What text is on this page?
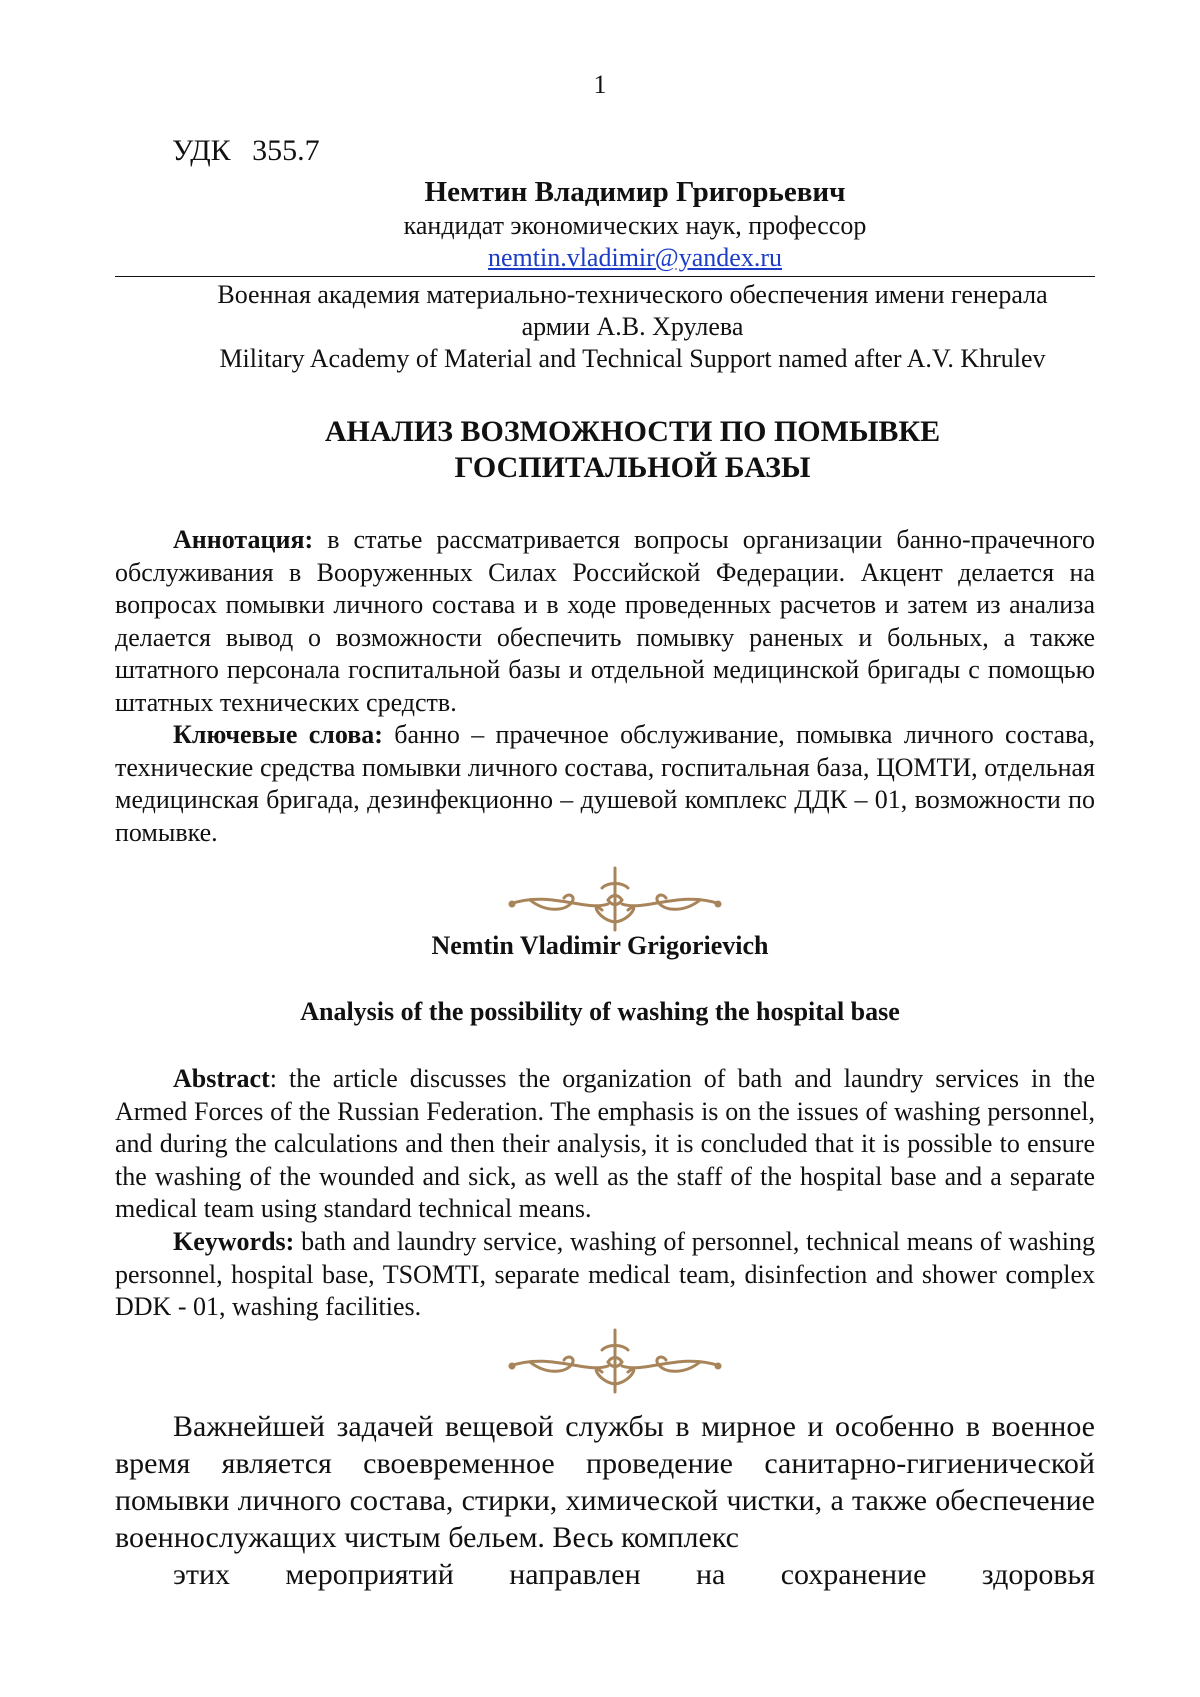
1
УДК 355.7
Немтин Владимир Григорьевич
кандидат экономических наук, профессор
nemtin.vladimir@yandex.ru
Военная академия материально-технического обеспечения имени генерала
армии А.В. Хрулева
Military Academy of Material and Technical Support named after A.V. Khrulev
АНАЛИЗ ВОЗМОЖНОСТИ ПО ПОМЫВКЕ
ГОСПИТАЛЬНОЙ БАЗЫ
Аннотация: в статье рассматривается вопросы организации банно-прачечного обслуживания в Вооруженных Силах Российской Федерации. Акцент делается на вопросах помывки личного состава и в ходе проведенных расчетов и затем из анализа делается вывод о возможности обеспечить помывку раненых и больных, а также штатного персонала госпитальной базы и отдельной медицинской бригады с помощью штатных технических средств.
Ключевые слова: банно – прачечное обслуживание, помывка личного состава, технические средства помывки личного состава, госпитальная база, ЦОМТИ, отдельная медицинская бригада, дезинфекционно – душевой комплекс ДДК – 01, возможности по помывке.
Nemtin Vladimir Grigorievich
Analysis of the possibility of washing the hospital base
Abstract: the article discusses the organization of bath and laundry services in the Armed Forces of the Russian Federation. The emphasis is on the issues of washing personnel, and during the calculations and then their analysis, it is concluded that it is possible to ensure the washing of the wounded and sick, as well as the staff of the hospital base and a separate medical team using standard technical means.
Keywords: bath and laundry service, washing of personnel, technical means of washing personnel, hospital base, TSOMTI, separate medical team, disinfection and shower complex DDK - 01, washing facilities.
Важнейшей задачей вещевой службы в мирное и особенно в военное время является своевременное проведение санитарно-гигиенической помывки личного состава, стирки, химической чистки, а также обеспечение военнослужащих чистым бельем. Весь комплекс
этих мероприятий направлен на сохранение здоровья
